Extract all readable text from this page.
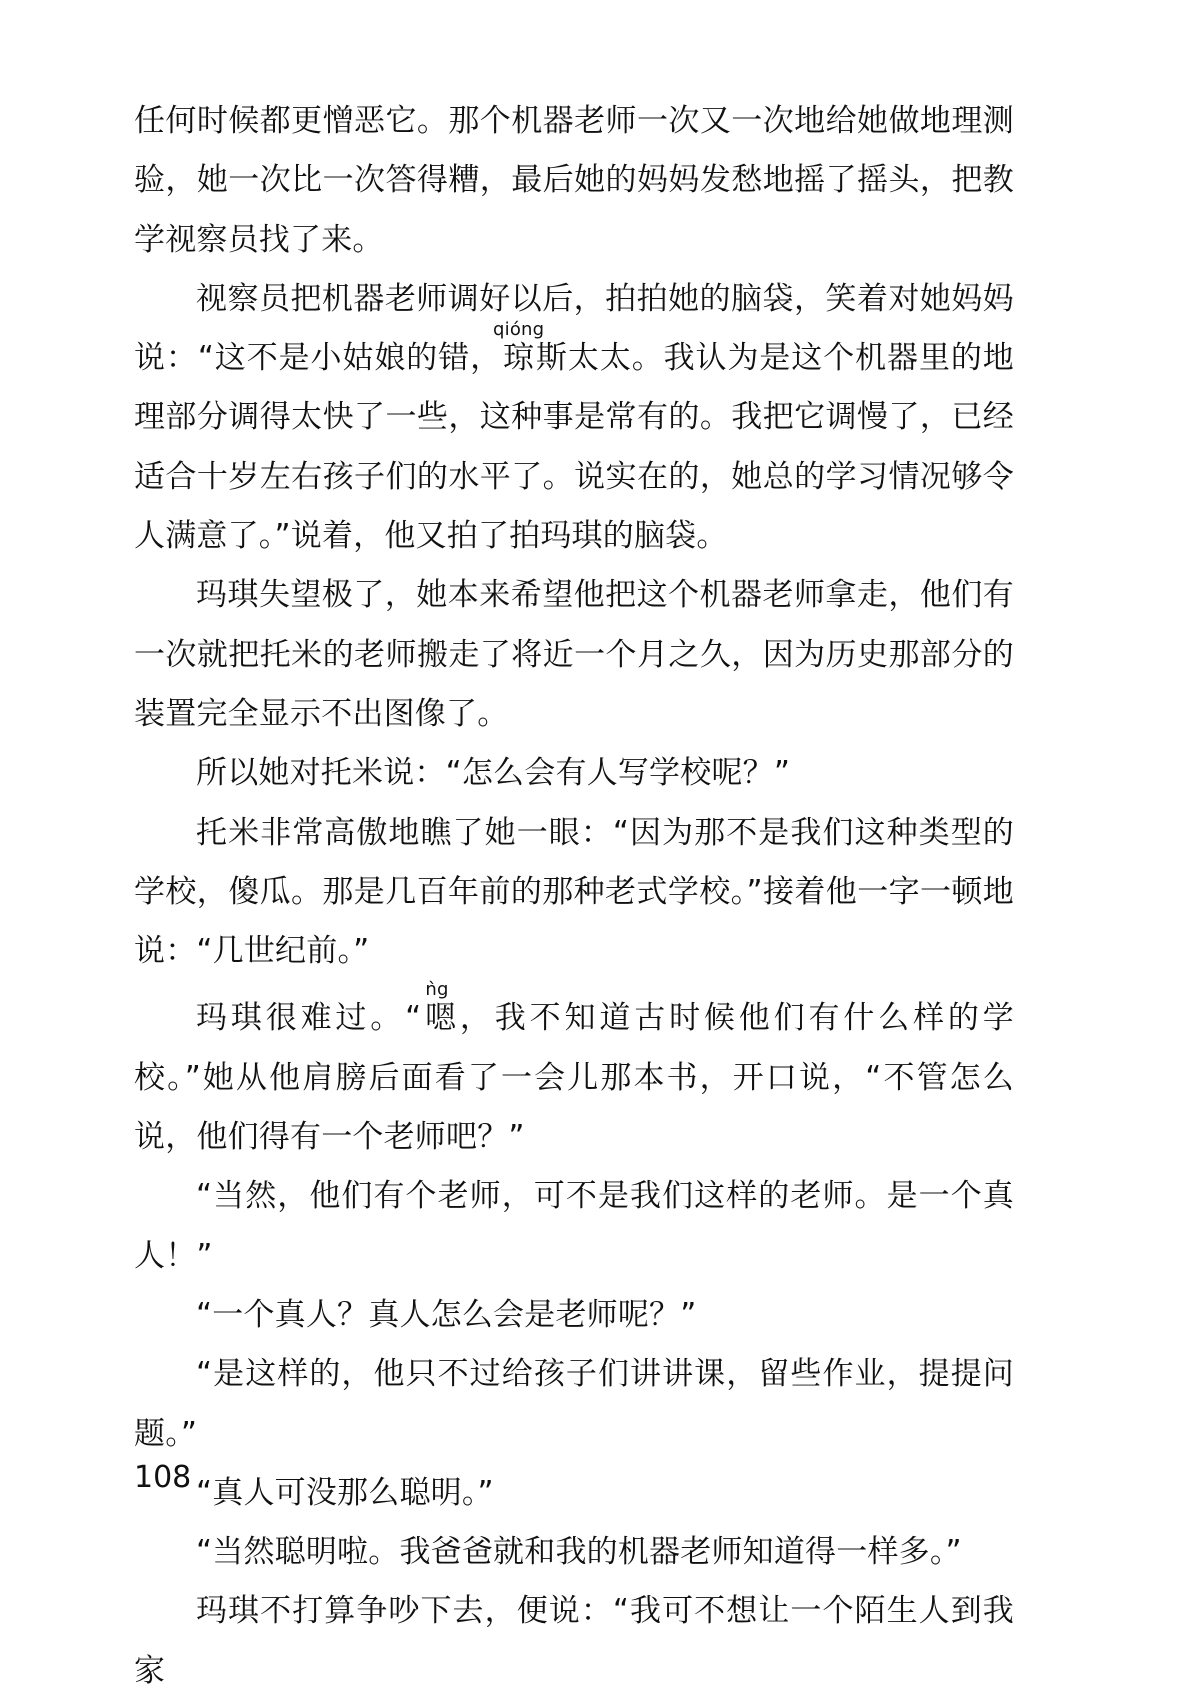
任何时候都更憎恶它。那个机器老师一次又一次地给她做地理测验，她一次比一次答得糟，最后她的妈妈发愁地摇了摇头，把教学视察员找了来。

视察员把机器老师调好以后，拍拍她的脑袋，笑着对她妈妈说：“这不是小姑娘的错，琼qióng斯太太。我认为是这个机器里的地理部分调得太快了一些，这种事是常有的。我把它调慢了，已经适合十岁左右孩子们的水平了。说实在的，她总的学习情况够令人满意了。”说着，他又拍了拍玛琪的脑袋。

玛琪失望极了，她本来希望他把这个机器老师拿走，他们有一次就把托米的老师搬走了将近一个月之久，因为历史那部分的装置完全显示不出图像了。

所以她对托米说：“怎么会有人写学校呢？”

托米非常高傲地瞧了她一眼：“因为那不是我们这种类型的学校，傻瓜。那是几百年前的那种老式学校。”接着他一字一顿地说：“几世纪前。”

玛琪很难过。“嗯ǹg，我不知道古时候他们有什么样的学校。”她从他肩膀后面看了一会儿那本书，开口说，“不管怎么说，他们得有一个老师吧？”

“当然，他们有个老师，可不是我们这样的老师。是一个真人！”

“一个真人？真人怎么会是老师呢？”

“是这样的，他只不过给孩子们讲讲课，留些作业，提提问题。”

“真人可没那么聪明。”

“当然聪明啦。我爸爸就和我的机器老师知道得一样多。”

玛琪不打算争吵下去，便说：“我可不想让一个陌生人到我家

108
